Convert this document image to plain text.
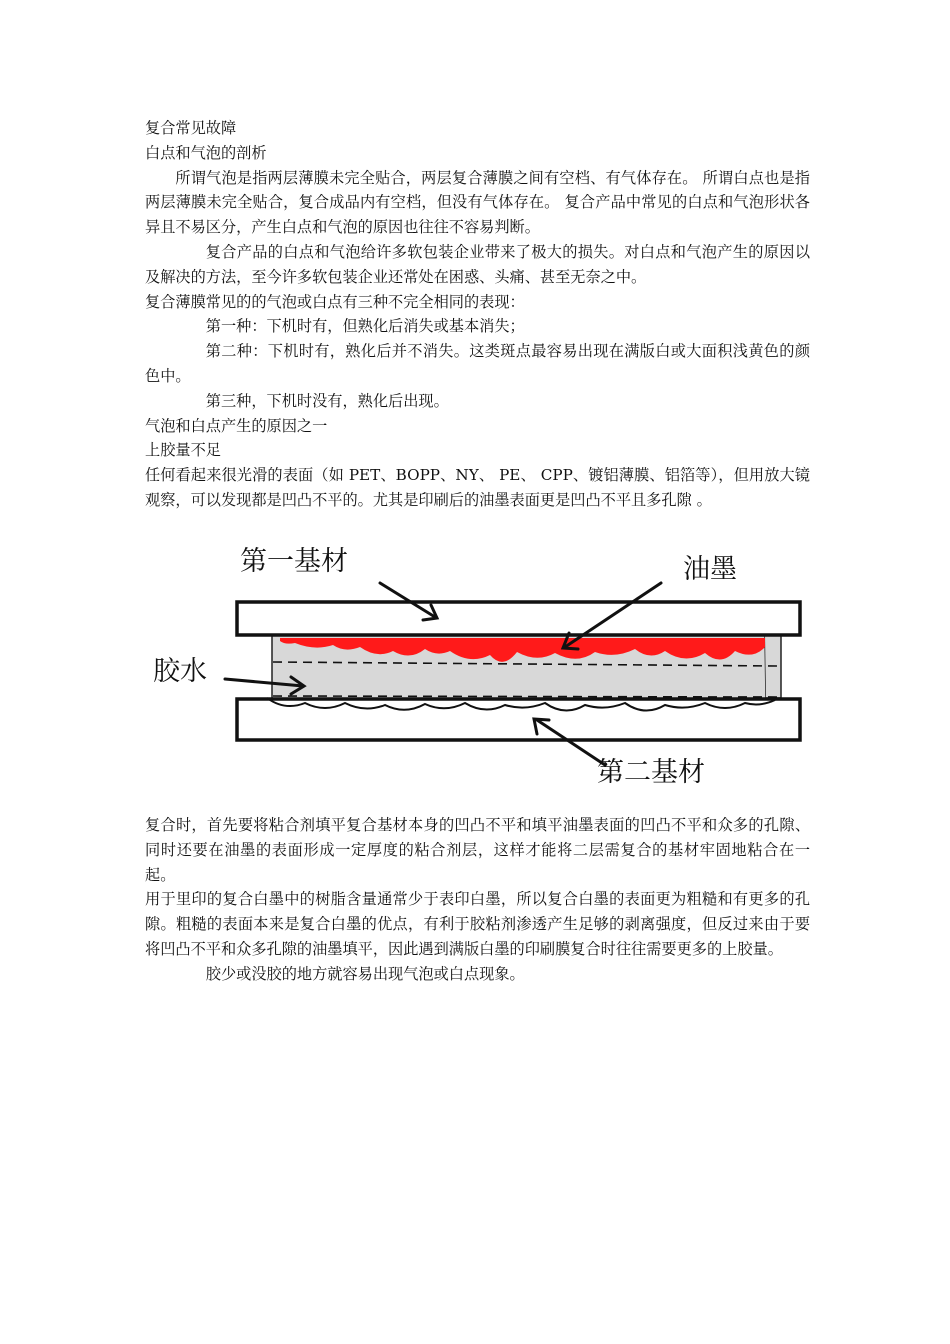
复合常见故障

白点和气泡的剖析

所谓气泡是指两层薄膜未完全贴合，两层复合薄膜之间有空档、有气体存在。 所谓白点也是指两层薄膜未完全贴合，复合成品内有空档，但没有气体存在。 复合产品中常见的白点和气泡形状各异且不易区分，产生白点和气泡的原因也往往不容易判断。

复合产品的白点和气泡给许多软包装企业带来了极大的损失。对白点和气泡产生的原因以及解决的方法，至今许多软包装企业还常处在困惑、头痛、甚至无奈之中。

复合薄膜常见的的气泡或白点有三种不完全相同的表现：

第一种：下机时有，但熟化后消失或基本消失；

第二种：下机时有，熟化后并不消失。这类斑点最容易出现在满版白或大面积浅黄色的颜色中。

第三种，下机时没有，熟化后出现。

气泡和白点产生的原因之一

上胶量不足

任何看起来很光滑的表面（如 PET、BOPP、NY、 PE、 CPP、镀铝薄膜、铝箔等），但用放大镜观察，可以发现都是凹凸不平的。尤其是印刷后的油墨表面更是凹凸不平且多孔隙 。

第一基材	油墨
胶水
第二基材

复合时，首先要将粘合剂填平复合基材本身的凹凸不平和填平油墨表面的凹凸不平和众多的孔隙、同时还要在油墨的表面形成一定厚度的粘合剂层，这样才能将二层需复合的基材牢固地粘合在一起。

用于里印的复合白墨中的树脂含量通常少于表印白墨，所以复合白墨的表面更为粗糙和有更多的孔隙。粗糙的表面本来是复合白墨的优点，有利于胶粘剂渗透产生足够的剥离强度，但反过来由于要将凹凸不平和众多孔隙的油墨填平，因此遇到满版白墨的印刷膜复合时往往需要更多的上胶量。

胶少或没胶的地方就容易出现气泡或白点现象。
